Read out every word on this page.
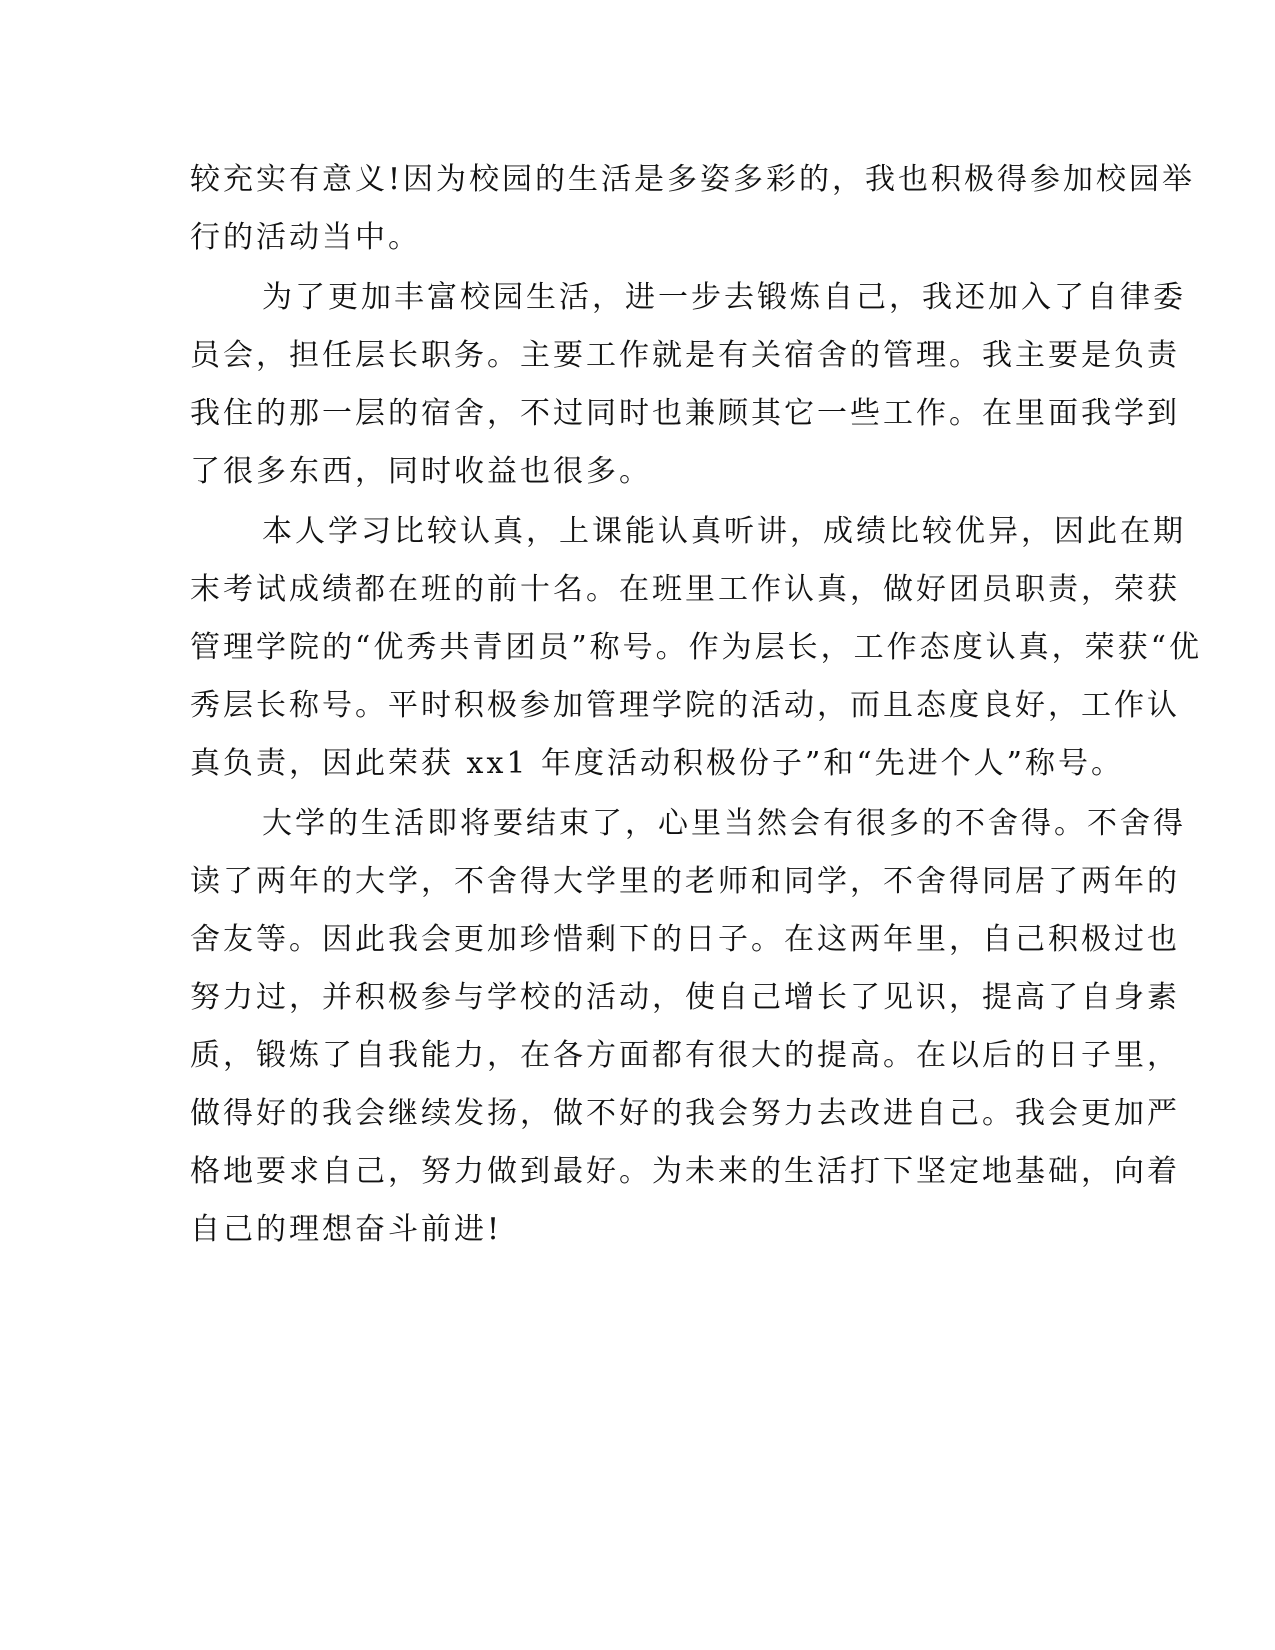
较充实有意义!因为校园的生活是多姿多彩的，我也积极得参加校园举
行的活动当中。
为了更加丰富校园生活，进一步去锻炼自己，我还加入了自律委
员会，担任层长职务。主要工作就是有关宿舍的管理。我主要是负责
我住的那一层的宿舍，不过同时也兼顾其它一些工作。在里面我学到
了很多东西，同时收益也很多。
本人学习比较认真，上课能认真听讲，成绩比较优异，因此在期
末考试成绩都在班的前十名。在班里工作认真，做好团员职责，荣获
管理学院的“优秀共青团员”称号。作为层长，工作态度认真，荣获“优
秀层长称号。平时积极参加管理学院的活动，而且态度良好，工作认
真负责，因此荣获 xx1 年度活动积极份子”和“先进个人”称号。
大学的生活即将要结束了，心里当然会有很多的不舍得。不舍得
读了两年的大学，不舍得大学里的老师和同学，不舍得同居了两年的
舍友等。因此我会更加珍惜剩下的日子。在这两年里，自己积极过也
努力过，并积极参与学校的活动，使自己增长了见识，提高了自身素
质，锻炼了自我能力，在各方面都有很大的提高。在以后的日子里，
做得好的我会继续发扬，做不好的我会努力去改进自己。我会更加严
格地要求自己，努力做到最好。为未来的生活打下坚定地基础，向着
自己的理想奋斗前进!
